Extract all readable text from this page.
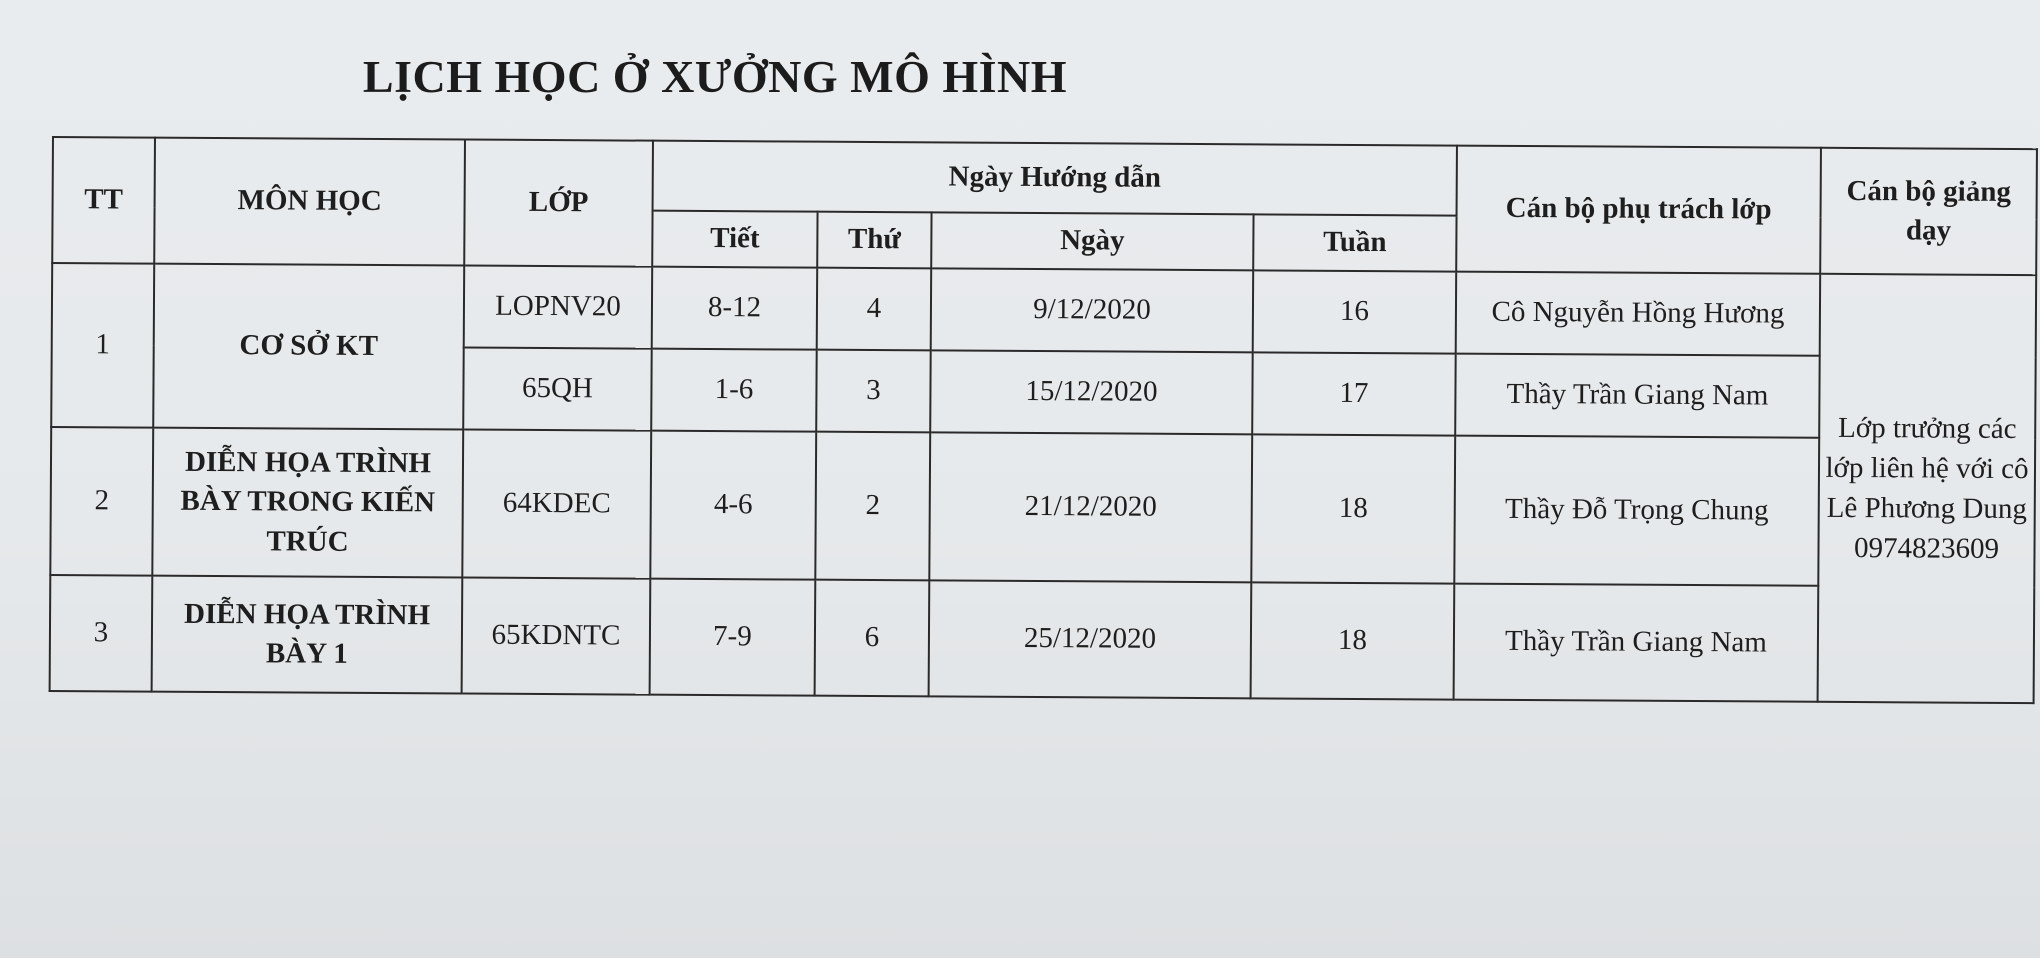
LỊCH HỌC Ở XƯỞNG MÔ HÌNH
TT	MÔN HỌC	LỚP	Ngày Hướng dẫn				Cán bộ phụ trách lớp	Cán bộ giảng dạy
			Tiết	Thứ	Ngày	Tuần		
1	CƠ SỞ KT	LOPNV20	8-12	4	9/12/2020	16	Cô Nguyễn Hồng Hương	Lớp trưởng các lớp liên hệ với cô Lê Phương Dung 0974823609
		65QH	1-6	3	15/12/2020	17	Thầy Trần Giang Nam	
2	DIỄN HỌA TRÌNH BÀY TRONG KIẾN TRÚC	64KDEC	4-6	2	21/12/2020	18	Thầy Đỗ Trọng Chung	
3	DIỄN HỌA TRÌNH BÀY 1	65KDNTC	7-9	6	25/12/2020	18	Thầy Trần Giang Nam	
